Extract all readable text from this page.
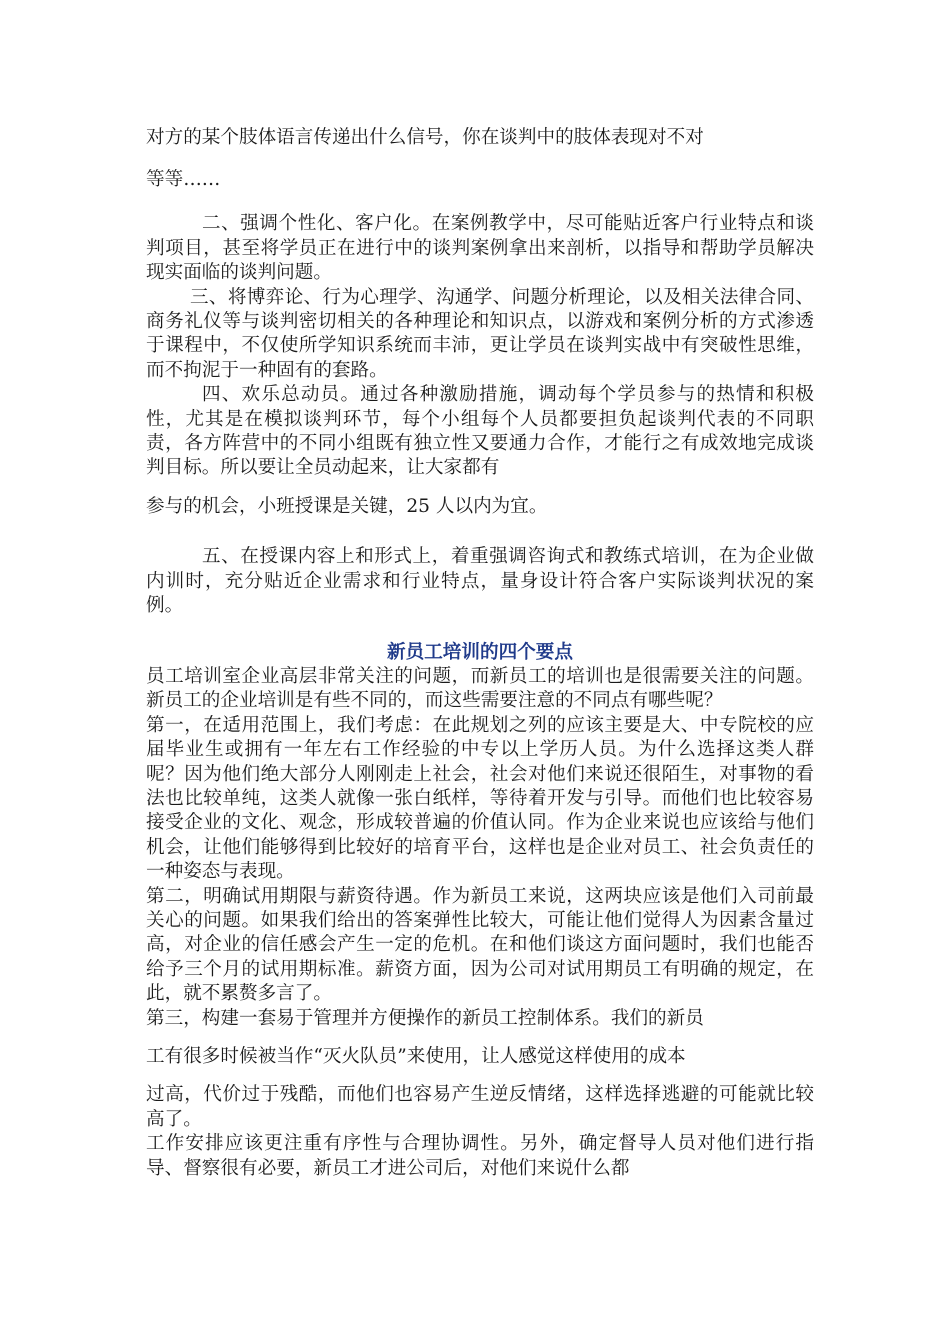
对方的某个肢体语言传递出什么信号，你在谈判中的肢体表现对不对

等等……

二、强调个性化、客户化。在案例教学中，尽可能贴近客户行业特点和谈判项目，甚至将学员正在进行中的谈判案例拿出来剖析，以指导和帮助学员解决现实面临的谈判问题。

三、将博弈论、行为心理学、沟通学、问题分析理论，以及相关法律合同、商务礼仪等与谈判密切相关的各种理论和知识点，以游戏和案例分析的方式渗透于课程中，不仅使所学知识系统而丰沛，更让学员在谈判实战中有突破性思维，而不拘泥于一种固有的套路。

四、欢乐总动员。通过各种激励措施，调动每个学员参与的热情和积极性，尤其是在模拟谈判环节，每个小组每个人员都要担负起谈判代表的不同职责，各方阵营中的不同小组既有独立性又要通力合作，才能行之有成效地完成谈判目标。所以要让全员动起来，让大家都有

参与的机会，小班授课是关键，25 人以内为宜。

五、在授课内容上和形式上，着重强调咨询式和教练式培训，在为企业做内训时，充分贴近企业需求和行业特点，量身设计符合客户实际谈判状况的案例。

新员工培训的四个要点

员工培训室企业高层非常关注的问题，而新员工的培训也是很需要关注的问题。新员工的企业培训是有些不同的，而这些需要注意的不同点有哪些呢？

第一，在适用范围上，我们考虑：在此规划之列的应该主要是大、中专院校的应届毕业生或拥有一年左右工作经验的中专以上学历人员。为什么选择这类人群呢？因为他们绝大部分人刚刚走上社会，社会对他们来说还很陌生，对事物的看法也比较单纯，这类人就像一张白纸样，等待着开发与引导。而他们也比较容易接受企业的文化、观念，形成较普遍的价值认同。作为企业来说也应该给与他们机会，让他们能够得到比较好的培育平台，这样也是企业对员工、社会负责任的一种姿态与表现。

第二，明确试用期限与薪资待遇。作为新员工来说，这两块应该是他们入司前最关心的问题。如果我们给出的答案弹性比较大，可能让他们觉得人为因素含量过高，对企业的信任感会产生一定的危机。在和他们谈这方面问题时，我们也能否给予三个月的试用期标准。薪资方面，因为公司对试用期员工有明确的规定，在此，就不累赘多言了。

第三，构建一套易于管理并方便操作的新员工控制体系。我们的新员

工有很多时候被当作“灭火队员”来使用，让人感觉这样使用的成本

过高，代价过于残酷，而他们也容易产生逆反情绪，这样选择逃避的可能就比较高了。

工作安排应该更注重有序性与合理协调性。另外，确定督导人员对他们进行指导、督察很有必要，新员工才进公司后，对他们来说什么都
